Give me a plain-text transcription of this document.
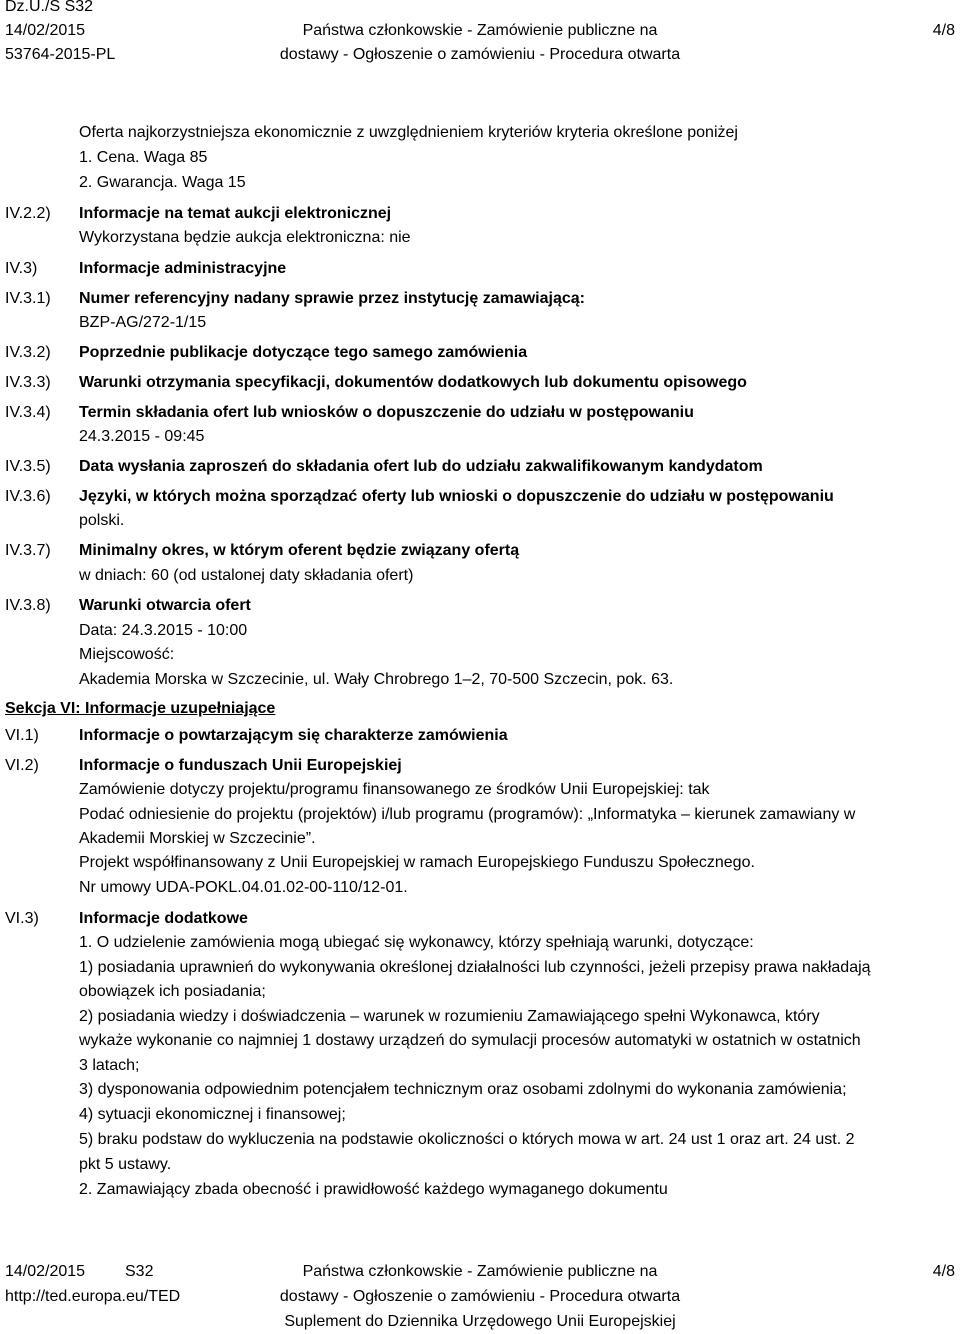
Dz.U./S S32
14/02/2015
53764-2015-PL
Państwa członkowskie - Zamówienie publiczne na
dostawy - Ogłoszenie o zamówieniu - Procedura otwarta
4/8
IV.2.2)
IV.3)
IV.3.1)
IV.3.2)
IV.3.3)
IV.3.4)
IV.3.5)
IV.3.6)
IV.3.7)
IV.3.8)
VI.1)
VI.2)
VI.3)
Oferta najkorzystniejsza ekonomicznie z uwzględnieniem kryteriów kryteria określone poniżej
1. Cena. Waga 85
2. Gwarancja. Waga 15
Informacje na temat aukcji elektronicznej
Wykorzystana będzie aukcja elektroniczna: nie
Informacje administracyjne
Numer referencyjny nadany sprawie przez instytucję zamawiającą:
BZP-AG/272-1/15
Poprzednie publikacje dotyczące tego samego zamówienia
Warunki otrzymania specyfikacji, dokumentów dodatkowych lub dokumentu opisowego
Termin składania ofert lub wniosków o dopuszczenie do udziału w postępowaniu
24.3.2015 - 09:45
Data wysłania zaproszeń do składania ofert lub do udziału zakwalifikowanym kandydatom
Języki, w których można sporządzać oferty lub wnioski o dopuszczenie do udziału w postępowaniu
polski.
Minimalny okres, w którym oferent będzie związany ofertą
w dniach: 60 (od ustalonej daty składania ofert)
Warunki otwarcia ofert
Data: 24.3.2015 - 10:00
Miejscowość:
Akademia Morska w Szczecinie, ul. Wały Chrobrego 1–2, 70-500 Szczecin, pok. 63.
Informacje o powtarzającym się charakterze zamówienia
Informacje o funduszach Unii Europejskiej
Zamówienie dotyczy projektu/programu finansowanego ze środków Unii Europejskiej: tak
Podać odniesienie do projektu (projektów) i/lub programu (programów): „Informatyka – kierunek zamawiany w
Akademii Morskiej w Szczecinie”.
Projekt współfinansowany z Unii Europejskiej w ramach Europejskiego Funduszu Społecznego.
Nr umowy UDA-POKL.04.01.02-00-110/12-01.
Informacje dodatkowe
1. O udzielenie zamówienia mogą ubiegać się wykonawcy, którzy spełniają warunki, dotyczące:
1) posiadania uprawnień do wykonywania określonej działalności lub czynności, jeżeli przepisy prawa nakładają
obowiązek ich posiadania;
2) posiadania wiedzy i doświadczenia – warunek w rozumieniu Zamawiającego spełni Wykonawca, który
wykaże wykonanie co najmniej 1 dostawy urządzeń do symulacji procesów automatyki w ostatnich w ostatnich
3 latach;
3) dysponowania odpowiednim potencjałem technicznym oraz osobami zdolnymi do wykonania zamówienia;
4) sytuacji ekonomicznej i finansowej;
5) braku podstaw do wykluczenia na podstawie okoliczności o których mowa w art. 24 ust 1 oraz art. 24 ust. 2
pkt 5 ustawy.
2. Zamawiający zbada obecność i prawidłowość każdego wymaganego dokumentu
Sekcja VI: Informacje uzupełniające
14/02/2015 S32
http://ted.europa.eu/TED
Państwa członkowskie - Zamówienie publiczne na
dostawy - Ogłoszenie o zamówieniu - Procedura otwarta
Suplement do Dziennika Urzędowego Unii Europejskiej
4/8
